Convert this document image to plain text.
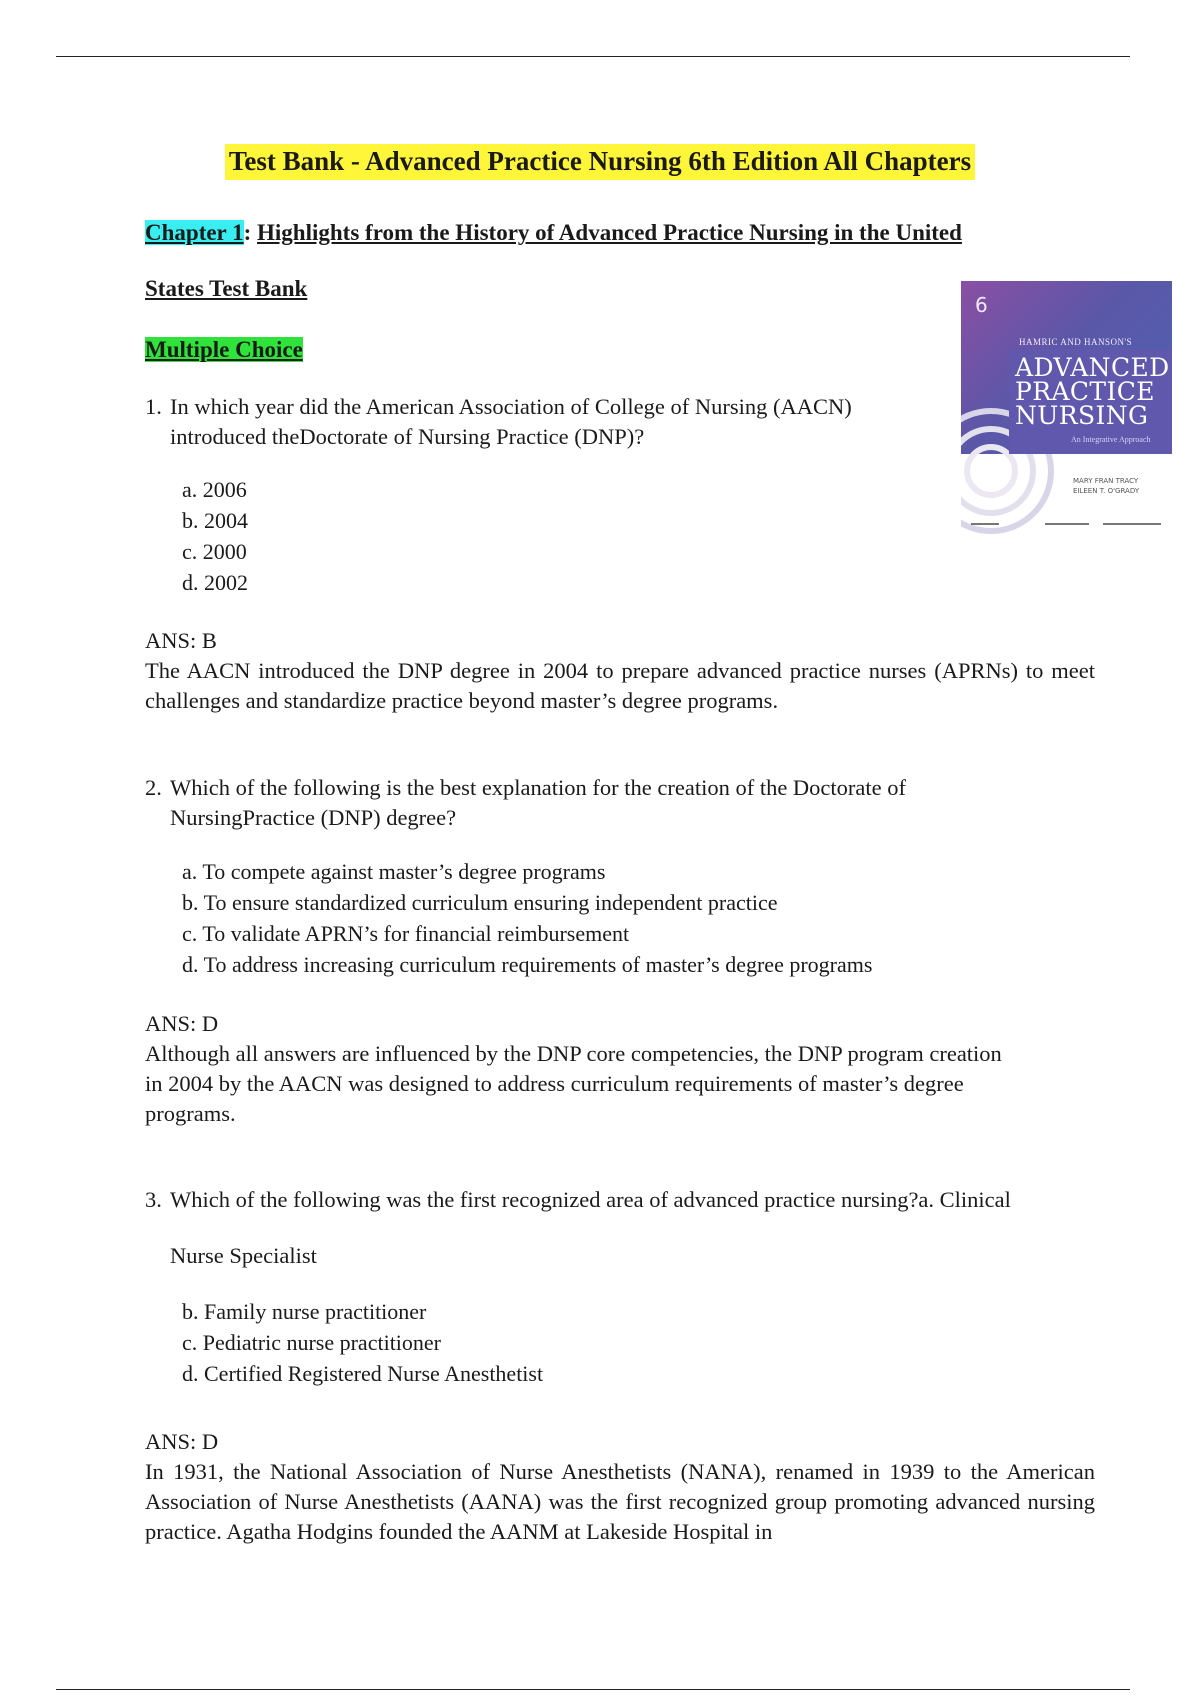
Test Bank - Advanced Practice Nursing 6th Edition All Chapters
Chapter 1: Highlights from the History of Advanced Practice Nursing in the United
States Test Bank
Multiple Choice
6
HAMRIC AND HANSON'S
ADVANCED
PRACTICE
NURSING
An Integrative Approach
MARY FRAN TRACY
EILEEN T. O'GRADY
1. In which year did the American Association of College of Nursing (AACN)
introduced theDoctorate of Nursing Practice (DNP)?
a. 2006
b. 2004
c. 2000
d. 2002
ANS: B
The AACN introduced the DNP degree in 2004 to prepare advanced practice nurses (APRNs) to meet challenges and standardize practice beyond master’s degree programs.
2. Which of the following is the best explanation for the creation of the Doctorate of
NursingPractice (DNP) degree?
a. To compete against master’s degree programs
b. To ensure standardized curriculum ensuring independent practice
c. To validate APRN’s for financial reimbursement
d. To address increasing curriculum requirements of master’s degree programs
ANS: D
Although all answers are influenced by the DNP core competencies, the DNP program creation
in 2004 by the AACN was designed to address curriculum requirements of master’s degree
programs.
3. Which of the following was the first recognized area of advanced practice nursing?a. Clinical
Nurse Specialist
b. Family nurse practitioner
c. Pediatric nurse practitioner
d. Certified Registered Nurse Anesthetist
ANS: D
In 1931, the National Association of Nurse Anesthetists (NANA), renamed in 1939 to the American Association of Nurse Anesthetists (AANA) was the first recognized group promoting advanced nursing practice. Agatha Hodgins founded the AANM at Lakeside Hospital in
